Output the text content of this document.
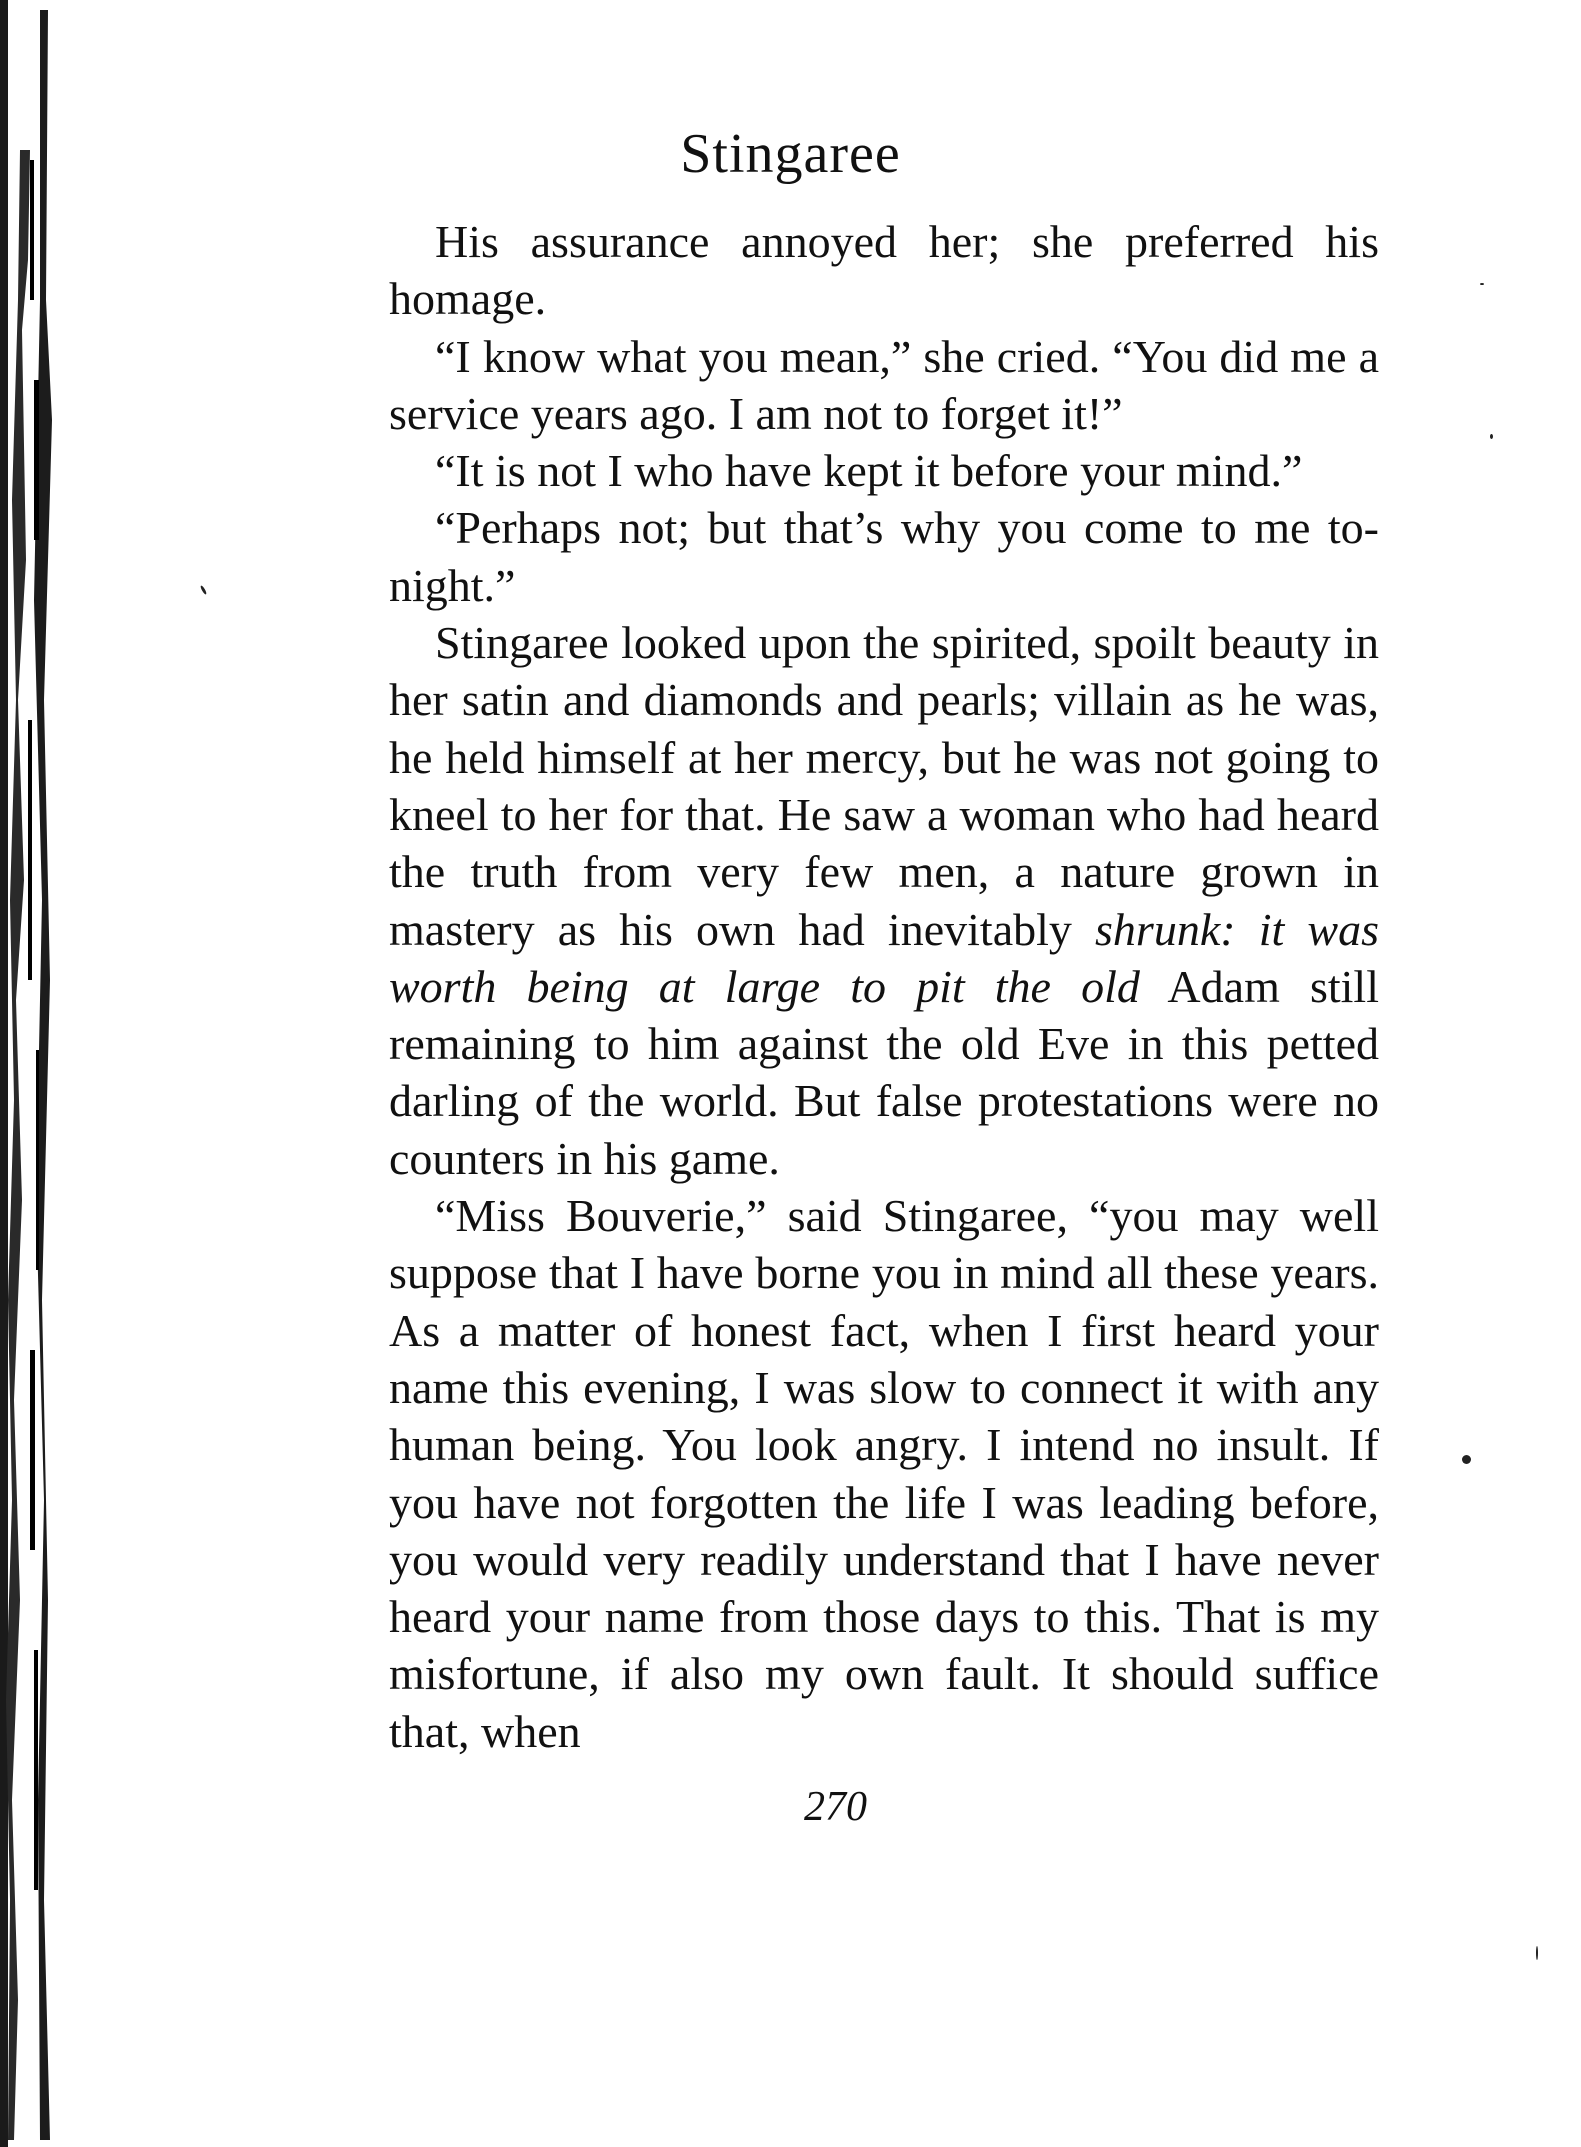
Stingaree

His assurance annoyed her; she preferred his homage.

“I know what you mean,” she cried. “You did me a service years ago. I am not to forget it!”

“It is not I who have kept it before your mind.”

“Perhaps not; but that’s why you come to me to-night.”

Stingaree looked upon the spirited, spoilt beauty in her satin and diamonds and pearls; villain as he was, he held himself at her mercy, but he was not going to kneel to her for that. He saw a woman who had heard the truth from very few men, a nature grown in mastery as his own had inevitably shrunk: it was worth being at large to pit the old Adam still remaining to him against the old Eve in this petted darling of the world. But false protestations were no counters in his game.

“Miss Bouverie,” said Stingaree, “you may well suppose that I have borne you in mind all these years. As a matter of honest fact, when I first heard your name this evening, I was slow to connect it with any human being. You look angry. I intend no insult. If you have not forgotten the life I was leading before, you would very readily understand that I have never heard your name from those days to this. That is my misfortune, if also my own fault. It should suffice that, when

270
